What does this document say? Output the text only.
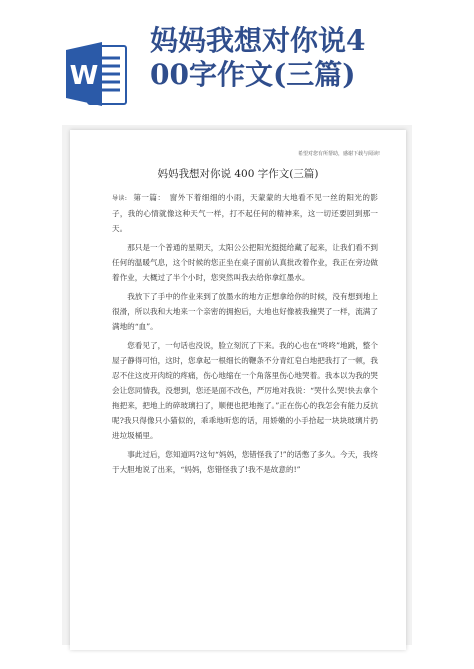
W
妈妈我想对你说4
00字作文(三篇)
希望对您有所帮助，感谢下载与阅读!
妈妈我想对你说 400 字作文(三篇)

导读: 第一篇：　窗外下着细细的小雨，天蒙蒙的大地看不见一丝的阳光的影子，我的心情就像这种天气一样，打不起任何的精神来，这一切还要回到那一天。

那只是一个普通的星期天，太阳公公把阳光挺挺给藏了起来，让我们看不到任何的温暖气息，这个时候的您正坐在桌子面前认真批改着作业，我正在旁边做着作业，大概过了半个小时，您突然叫我去给你拿红墨水。

我放下了手中的作业来到了放墨水的地方正想拿给你的时候，没有想到地上很滑，所以我和大地来一个亲密的拥抱后，大地也好像被我撞哭了一样，流满了满地的“血”。

您看见了，一句话也没说，脸立刻沉了下来。我的心也在“咚咚”地跳，整个屋子静得可怕，这时，您拿起一根细长的鞭条不分青红皂白地把我打了一顿，我忍不住这皮开肉绽的疼痛，伤心地缩在一个角落里伤心地哭着。我本以为我的哭会让您同情我，没想到，您还是面不改色，严厉地对我说：“哭什么哭!快去拿个拖把来，把地上的碎玻璃扫了，顺便也把地拖了。”正在伤心的我怎会有能力反抗呢?我只得像只小猫似的，乖乖地听您的话，用娇嫩的小手拾起一块块玻璃片扔进垃圾桶里。

事此过后，您知道吗?这句“妈妈，您错怪我了!”的话憋了多久。今天，我终于大胆地说了出来，“妈妈，您错怪我了!我不是故意的!”
